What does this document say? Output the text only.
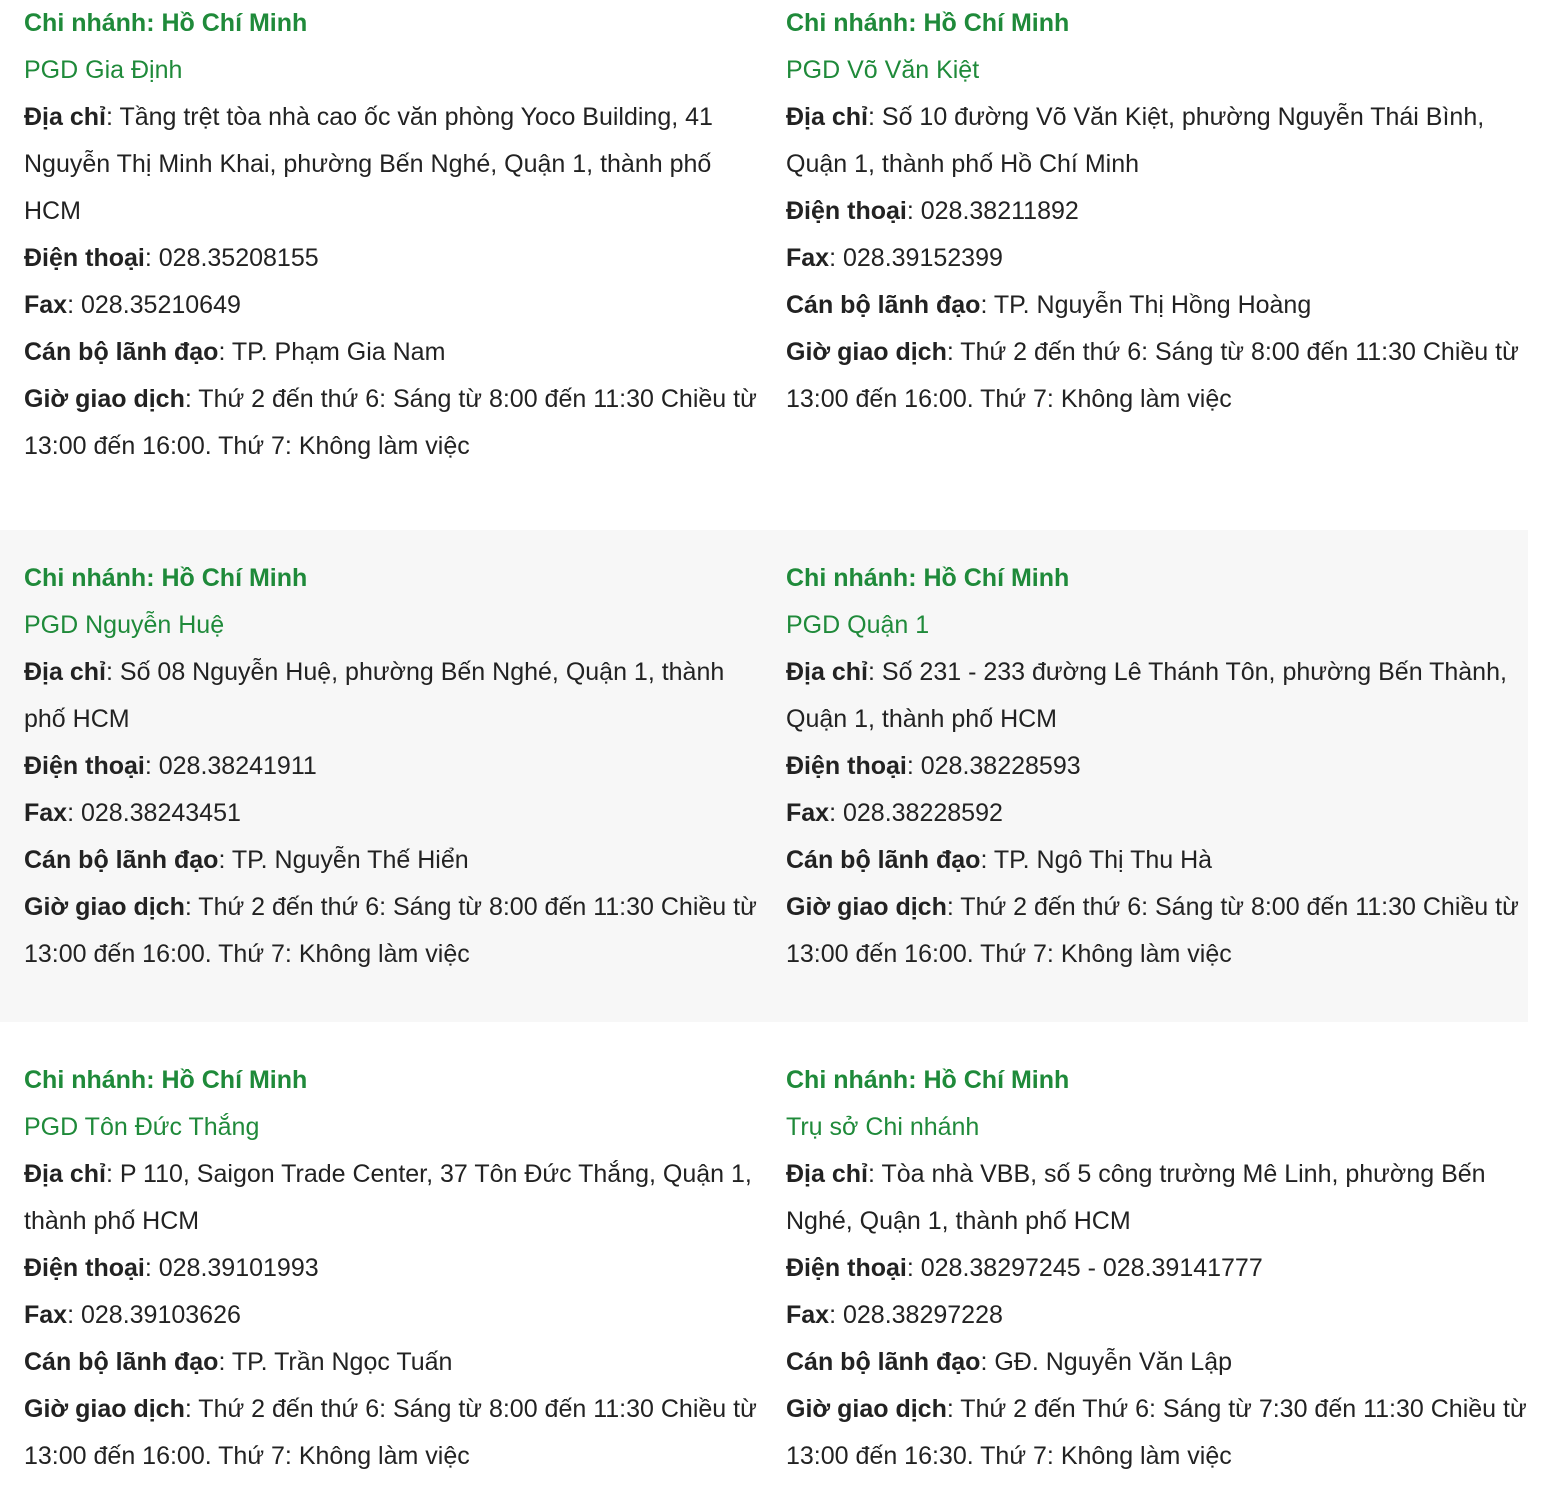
Chi nhánh: Hồ Chí Minh

PGD Gia Định

Địa chỉ: Tầng trệt tòa nhà cao ốc văn phòng Yoco Building, 41 Nguyễn Thị Minh Khai, phường Bến Nghé, Quận 1, thành phố HCM

Điện thoại: 028.35208155

Fax: 028.35210649

Cán bộ lãnh đạo: TP. Phạm Gia Nam

Giờ giao dịch: Thứ 2 đến thứ 6: Sáng từ 8:00 đến 11:30 Chiều từ 13:00 đến 16:00. Thứ 7: Không làm việc

Chi nhánh: Hồ Chí Minh

PGD Võ Văn Kiệt

Địa chỉ: Số 10 đường Võ Văn Kiệt, phường Nguyễn Thái Bình, Quận 1, thành phố Hồ Chí Minh

Điện thoại: 028.38211892

Fax: 028.39152399

Cán bộ lãnh đạo: TP. Nguyễn Thị Hồng Hoàng

Giờ giao dịch: Thứ 2 đến thứ 6: Sáng từ 8:00 đến 11:30 Chiều từ 13:00 đến 16:00. Thứ 7: Không làm việc

Chi nhánh: Hồ Chí Minh

PGD Nguyễn Huệ

Địa chỉ: Số 08 Nguyễn Huệ, phường Bến Nghé, Quận 1, thành phố HCM

Điện thoại: 028.38241911

Fax: 028.38243451

Cán bộ lãnh đạo: TP. Nguyễn Thế Hiển

Giờ giao dịch: Thứ 2 đến thứ 6: Sáng từ 8:00 đến 11:30 Chiều từ 13:00 đến 16:00. Thứ 7: Không làm việc

Chi nhánh: Hồ Chí Minh

PGD Quận 1

Địa chỉ: Số 231 - 233 đường Lê Thánh Tôn, phường Bến Thành, Quận 1, thành phố HCM

Điện thoại: 028.38228593

Fax: 028.38228592

Cán bộ lãnh đạo: TP. Ngô Thị Thu Hà

Giờ giao dịch: Thứ 2 đến thứ 6: Sáng từ 8:00 đến 11:30 Chiều từ 13:00 đến 16:00. Thứ 7: Không làm việc

Chi nhánh: Hồ Chí Minh

PGD Tôn Đức Thắng

Địa chỉ: P 110, Saigon Trade Center, 37 Tôn Đức Thắng, Quận 1, thành phố HCM

Điện thoại: 028.39101993

Fax: 028.39103626

Cán bộ lãnh đạo: TP. Trần Ngọc Tuấn

Giờ giao dịch: Thứ 2 đến thứ 6: Sáng từ 8:00 đến 11:30 Chiều từ 13:00 đến 16:00. Thứ 7: Không làm việc

Chi nhánh: Hồ Chí Minh

Trụ sở Chi nhánh

Địa chỉ: Tòa nhà VBB, số 5 công trường Mê Linh, phường Bến Nghé, Quận 1, thành phố HCM

Điện thoại: 028.38297245 - 028.39141777

Fax: 028.38297228

Cán bộ lãnh đạo: GĐ. Nguyễn Văn Lập

Giờ giao dịch: Thứ 2 đến Thứ 6: Sáng từ 7:30 đến 11:30 Chiều từ 13:00 đến 16:30. Thứ 7: Không làm việc
